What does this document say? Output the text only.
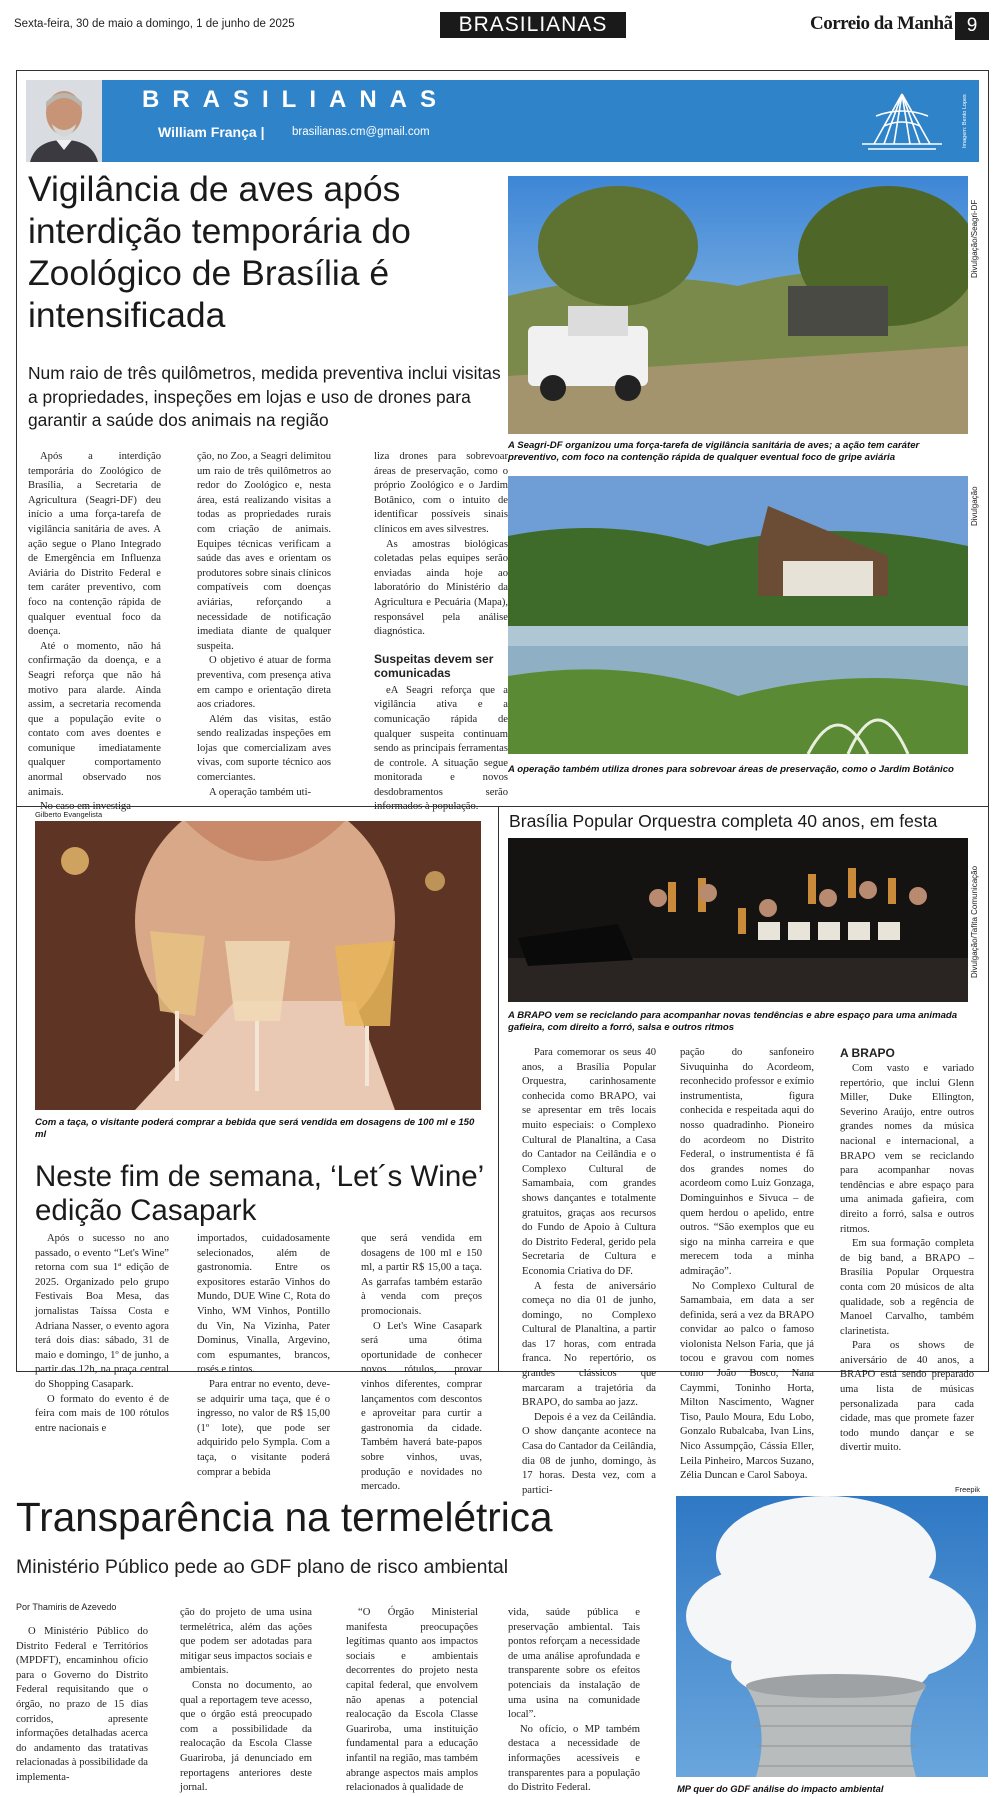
Sexta-feira, 30 de maio a domingo, 1 de junho de 2025	BRASILIANAS	Correio da Manhã 9
BRASILIANAS
William França | brasilianas.cm@gmail.com	Imagem: Bento Lopes
Vigilância de aves após interdição temporária do Zoológico de Brasília é intensificada
Num raio de três quilômetros, medida preventiva inclui visitas a propriedades, inspeções em lojas e uso de drones para garantir a saúde dos animais na região

Após a interdição temporária do Zoológico de Brasília, a Secretaria de Agricultura (Seagri-DF) deu início a uma força-tarefa de vigilância sanitária de aves. A ação segue o Plano Integrado de Emergência em Influenza Aviária do Distrito Federal e tem caráter preventivo, com foco na contenção rápida de qualquer eventual foco da doença.

Até o momento, não há confirmação da doença, e a Seagri reforça que não há motivo para alarde. Ainda assim, a secretaria recomenda que a população evite o contato com aves doentes e comunique imediatamente qualquer comportamento anormal observado nos animais.

ção, no Zoo, a Seagri delimitou um raio de três quilômetros ao redor do Zoológico e, nesta área, está realizando visitas a todas as propriedades rurais com criação de animais. Equipes técnicas verificam a saúde das aves e orientam os produtores sobre sinais clínicos compatíveis com doenças aviárias, reforçando a necessidade de notificação imediata diante de qualquer suspeita.

O objetivo é atuar de forma preventiva, com presença ativa em campo e orientação direta aos criadores.

Além das visitas, estão sendo realizadas inspeções em lojas que comercializam aves vivas, com suporte técnico aos comerciantes.

A operação também uti-

liza drones para sobrevoar áreas de preservação, como o próprio Zoológico e o Jardim Botânico, com o intuito de identificar possíveis sinais clínicos em aves silvestres.

As amostras biológicas coletadas pelas equipes serão enviadas ainda hoje ao laboratório do Ministério da Agricultura e Pecuária (Mapa), responsável pela análise diagnóstica.

Suspeitas devem ser comunicadas

eA Seagri reforça que a vigilância ativa e a comunicação rápida de qualquer suspeita continuam sendo as principais ferramentas de controle. A situação segue monitorada e novos desdobramentos serão

Divulgação/Seagri-DF
A Seagri-DF organizou uma força-tarefa de vigilância sanitária de aves; a ação tem caráter preventivo, com foco na contenção rápida de qualquer eventual foco de gripe aviária
Divulgação
A operação também utiliza drones para sobrevoar áreas de preservação, como o Jardim Botânico
Gilberto Evangelista
Com a taça, o visitante poderá comprar a bebida que será vendida em dosagens de 100 ml e 150 ml
Neste fim de semana, ‘Let´s Wine’ edição Casapark

Após o sucesso no ano passado, o evento “Let's Wine” retorna com sua 1ª edição de 2025. Organizado pelo grupo Festivais Boa Mesa, das jornalistas Taíssa Costa e Adriana Nasser, o evento agora terá dois dias: sábado, 31 de maio e domingo, 1º de junho, a partir das 12h, na praça central do Shopping Casapark.

O formato do evento é de feira com mais de 100 rótulos entre nacionais e

importados, cuidadosamente selecionados, além de gastronomia. Entre os expositores estarão Vinhos do Mundo, DUE Wine C, Rota do Vinho, WM Vinhos, Pontillo du Vin, Na Vizinha, Pater Dominus, Vinalla, Argevino, com espumantes, brancos, rosés e tintos.

Para entrar no evento, deve-se adquirir uma taça, que é o ingresso, no valor de R$ 15,00 (1º lote), que pode ser adquirido pelo Sympla. Com a taça, o visitante poderá comprar a bebida

que será vendida em dosagens de 100 ml e 150 ml, a partir R$ 15,00 a taça. As garrafas também estarão à venda com preços promocionais.

O Let's Wine Casapark será uma ótima oportunidade de conhecer novos rótulos, provar vinhos diferentes, comprar lançamentos com descontos e aproveitar para curtir a gastronomia da cidade. Também haverá bate-papos sobre vinhos, uvas, produção e novidades no mercado.

Brasília Popular Orquestra completa 40 anos, em festa
Divulgação/Tafita Comunicação
A BRAPO vem se reciclando para acompanhar novas tendências e abre espaço para uma animada gafieira, com direito a forró, salsa e outros ritmos

Para comemorar os seus 40 anos, a Brasília Popular Orquestra, carinhosamente conhecida como BRAPO, vai se apresentar em três locais muito especiais: o Complexo Cultural de Planaltina, a Casa do Cantador na Ceilândia e o Complexo Cultural de Samambaia, com grandes shows dançantes e totalmente gratuitos, graças aos recursos do Fundo de Apoio à Cultura do Distrito Federal, gerido pela Secretaria de Cultura e Economia Criativa do DF.

A festa de aniversário começa no dia 01 de junho, domingo, no Complexo Cultural de Planaltina, a partir das 17 horas, com entrada franca. No repertório, os grandes clássicos que marcaram a trajetória da BRAPO, do samba ao jazz.

Depois é a vez da Ceilândia. O show dançante acontece na Casa do Cantador da Ceilândia, dia 08 de junho, domingo, às 17 horas. Desta vez, com a partici-

pação do sanfoneiro Sivuquinha do Acordeom, reconhecido professor e exímio instrumentista, figura conhecida e respeitada aqui do nosso quadradinho. Pioneiro do acordeom no Distrito Federal, o instrumentista é fã dos grandes nomes do acordeom como Luiz Gonzaga, Dominguinhos e Sivuca – de quem herdou o apelido, entre outros. “São exemplos que eu sigo na minha carreira e que merecem toda a minha admiração”.

No Complexo Cultural de Samambaia, em data a ser definida, será a vez da BRAPO convidar ao palco o famoso violonista Nelson Faria, que já tocou e gravou com nomes como João Bosco, Nana Caymmi, Toninho Horta, Milton Nascimento, Wagner Tiso, Paulo Moura, Edu Lobo, Gonzalo Rubalcaba, Ivan Lins, Nico Assumpção, Cássia Eller, Leila Pinheiro, Marcos Suzano, Zélia Duncan e Carol Saboya.

A BRAPO

Com vasto e variado repertório, que inclui Glenn Miller, Duke Ellington, Severino Araújo, entre outros grandes nomes da música nacional e internacional, a BRAPO vem se reciclando para acompanhar novas tendências e abre espaço para uma animada gafieira, com direito a forró, salsa e outros ritmos.

Em sua formação completa de big band, a BRAPO – Brasília Popular Orquestra conta com 20 músicos de alta qualidade, sob a regência de Manoel Carvalho, também clarinetista.

Para os shows de aniversário de 40 anos, a BRAPO está sendo preparado uma lista de músicas personalizada para cada cidade, mas que promete fazer todo mundo dançar e se divertir muito.

Transparência na termelétrica
Ministério Público pede ao GDF plano de risco ambiental
Por Thamiris de Azevedo

O Ministério Público do Distrito Federal e Territórios (MPDFT), encaminhou ofício para o Governo do Distrito Federal requisitando que o órgão, no prazo de 15 dias corridos, apresente informações detalhadas acerca do andamento das tratativas relacionadas à possibilidade da implementa-

ção do projeto de uma usina termelétrica, além das ações que podem ser adotadas para mitigar seus impactos sociais e ambientais.

Consta no documento, ao qual a reportagem teve acesso, que o órgão está preocupado com a possibilidade da realocação da Escola Classe Guariroba, já denunciado em reportagens anteriores deste jornal.

“O Órgão Ministerial manifesta preocupações legítimas quanto aos impactos sociais e ambientais decorrentes do projeto nesta capital federal, que envolvem não apenas a potencial realocação da Escola Classe Guariroba, uma instituição fundamental para a educação infantil na região, mas também abrange aspectos mais amplos relacionados à qualidade de

vida, saúde pública e preservação ambiental. Tais pontos reforçam a necessidade de uma análise aprofundada e transparente sobre os efeitos potenciais da instalação de uma usina na comunidade local”.

No ofício, o MP também destaca a necessidade de informações acessíveis e transparentes para a população do Distrito Federal.

Freepik
MP quer do GDF análise do impacto ambiental
